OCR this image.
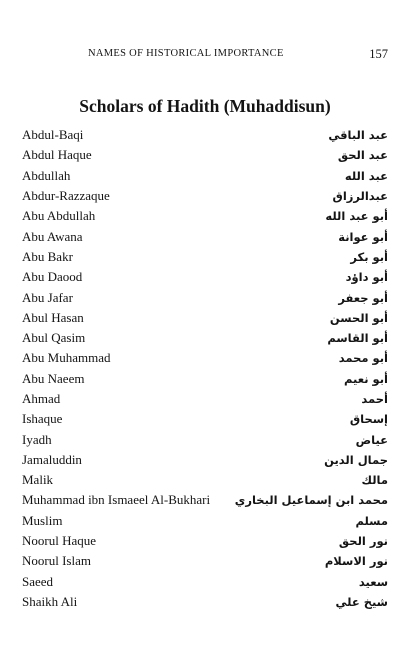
NAMES OF HISTORICAL IMPORTANCE	157
Scholars of Hadith (Muhaddisun)
Abdul-Baqi	عبد الباقي
Abdul Haque	عبد الحق
Abdullah	عبد الله
Abdur-Razzaque	عبدالرزاق
Abu Abdullah	أبو عبد الله
Abu Awana	أبو عوانة
Abu Bakr	أبو بكر
Abu Daood	أبو داؤد
Abu Jafar	أبو جعفر
Abul Hasan	أبو الحسن
Abul Qasim	أبو القاسم
Abu Muhammad	أبو محمد
Abu Naeem	أبو نعيم
Ahmad	أحمد
Ishaque	إسحاق
Iyadh	عياض
Jamaluddin	جمال الدين
Malik	مالك
Muhammad ibn Ismaeel Al-Bukhari محمد ابن إسماعيل البخاري
Muslim	مسلم
Noorul Haque	نور الحق
Noorul Islam	نور الاسلام
Saeed	سعيد
Shaikh Ali	شيخ علي
